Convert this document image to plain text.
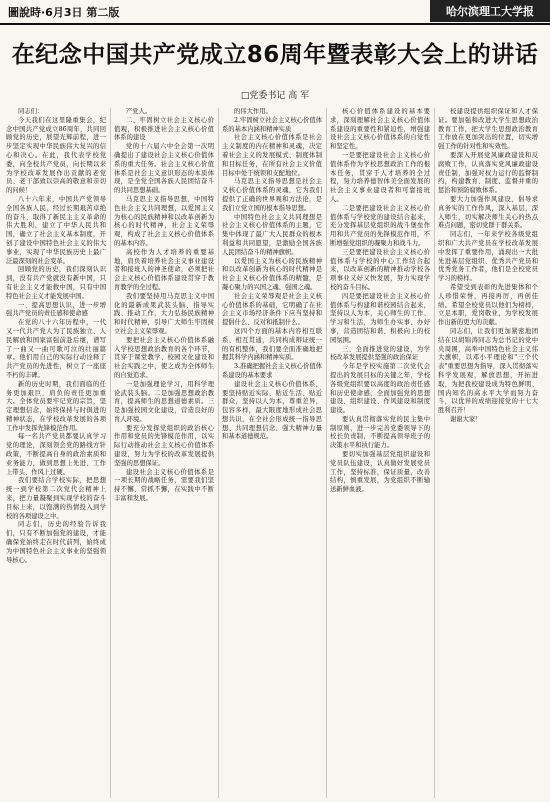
圖說時·6月3日 第二版	哈尔滨理工大学报
在纪念中国共产党成立86周年暨表彰大会上的讲话
□党委书记 高 军

同志们：

今天我们在这里隆重集会，纪念中国共产党成立86周年，共同回顾党的历史，展望光辉前程，进一步坚定实现中华民族伟大复兴的信心和决心。在此，我代表学校党委，向全校共产党员，向长期以来为学校改革发展作出贡献的老党员、老干部致以崇高的敬意和亲切的问候！

八十六年来，中国共产党领导全国各族人民，经过长期艰苦卓绝的奋斗，取得了新民主主义革命的伟大胜利，建立了中华人民共和国，确立了社会主义基本制度，开创了建设中国特色社会主义的伟大事业，实现了中华民族历史上最广泛最深刻的社会变革。

回顾党的历史，我们深刻认识到，没有共产党就没有新中国，只有社会主义才能救中国，只有中国特色社会主义才能发展中国。

一、提高思想认识，进一步增强共产党员的责任感和使命感

在党的八十六年历程中，一代又一代共产党人为了民族独立、人民解放和国家富强前赴后继，谱写了一曲又一曲可歌可泣的壮丽篇章。他们用自己的实际行动诠释了共产党员的先进性，树立了一座座不朽的丰碑。

新的历史时期，我们面临的任务更加艰巨，肩负的责任更加重大。全体党员要牢记党的宗旨，坚定理想信念，始终保持与时俱进的精神状态，在学校改革发展的各项工作中发挥先锋模范作用。

每一名共产党员都要认真学习党的理论，深刻领会党的路线方针政策，不断提高自身的政治素质和业务能力，做到思想上先进、工作上带头、作风上过硬。

我们要结合学校实际，把思想统一到学校第二次党代会精神上来，把力量凝聚到实现学校的奋斗目标上来，以饱满的热情投入到学校的各项建设之中。

同志们，历史的经验告诉我们，只有不断加强党的建设，才能确保党始终走在时代前列，始终成为中国特色社会主义事业的坚强领导核心。

产党人。

二、牢固树立社会主义核心价值观，积极推进社会主义核心价值体系的建设

党的十六届六中全会第一次明确提出了建设社会主义核心价值体系的重大任务。社会主义核心价值体系是社会主义意识形态的本质体现，是全党全国各族人民团结奋斗的共同思想基础。

马克思主义指导思想，中国特色社会主义共同理想，以爱国主义为核心的民族精神和以改革创新为核心的时代精神，社会主义荣辱观，构成了社会主义核心价值体系的基本内容。

高校作为人才培养的重要基地，肩负着培养社会主义事业建设者和接班人的神圣使命，必须把社会主义核心价值体系建设贯穿于教育教学的全过程。

我们要坚持用马克思主义中国化的最新成果武装头脑、指导实践、推动工作，大力弘扬民族精神和时代精神，引导广大师生牢固树立社会主义荣辱观。

要把社会主义核心价值体系融入学校思想政治教育的各个环节，贯穿于课堂教学、校园文化建设和社会实践之中，使之成为全体师生的自觉追求。

一是加强理论学习，用科学理论武装头脑。二是加强思想政治教育，提高师生的思想道德素质。三是加强校园文化建设，营造良好的育人环境。

要充分发挥党组织的政治核心作用和党员的先锋模范作用，以实际行动推动社会主义核心价值体系建设，努力为学校的改革发展提供坚强的思想保证。

建设社会主义核心价值体系是一项长期的战略任务，需要我们坚持不懈、常抓不懈，在实践中不断丰富和发展。

的伟大作用。

2.牢固树立社会主义核心价值体系的基本内涵和精神实质

社会主义核心价值体系是社会主义制度的内在精神和灵魂，决定着社会主义的发展模式、制度体制和目标任务，在所有社会主义价值目标中处于统领和支配地位。

马克思主义指导思想是社会主义核心价值体系的灵魂，它为我们提供了正确的世界观和方法论，是我们立党立国的根本指导思想。

中国特色社会主义共同理想是社会主义核心价值体系的主题，它集中体现了最广大人民群众的根本利益和共同愿望，是激励全国各族人民团结奋斗的精神旗帜。

以爱国主义为核心的民族精神和以改革创新为核心的时代精神是社会主义核心价值体系的精髓，是凝心聚力的兴国之魂、强国之魂。

社会主义荣辱观是社会主义核心价值体系的基础，它明确了在社会主义市场经济条件下应当坚持和提倡什么、反对和抵制什么。

这四个方面的基本内容相互联系、相互贯通，共同构成辩证统一的有机整体，我们要全面准确地把握其科学内涵和精神实质。

3.准确把握社会主义核心价值体系建设的基本要求

建设社会主义核心价值体系，要坚持贴近实际、贴近生活、贴近群众，坚持以人为本，尊重差异，包容多样，最大限度地形成社会思想共识，在全社会形成统一指导思想、共同理想信念、强大精神力量和基本道德规范。

核心价值体系建设的基本要求，深刻理解社会主义核心价值体系建设的重要性和紧迫性，增强建设社会主义核心价值体系的自觉性和坚定性。

一是要把建设社会主义核心价值体系作为学校思想政治工作的根本任务，贯穿于人才培养的全过程，努力培养德智体美全面发展的社会主义事业建设者和可靠接班人。

二是要把建设社会主义核心价值体系与学校党的建设结合起来，充分发挥基层党组织的战斗堡垒作用和共产党员的先锋模范作用，不断增强党组织的凝聚力和战斗力。

三是要把建设社会主义核心价值体系与学校的中心工作结合起来，以改革创新的精神推动学校各项事业又好又快发展，努力实现学校的奋斗目标。

四是要把建设社会主义核心价值体系与构建和谐校园结合起来，坚持以人为本，关心师生的工作、学习和生活，为师生办实事、办好事，营造团结和谐、积极向上的校园氛围。

三、全面推进党的建设，为学校改革发展提供坚强的政治保证

今年是学校实施第二次党代会提出的发展目标的关键之年，学校各级党组织要以高度的政治责任感和历史使命感，全面加强党的思想建设、组织建设、作风建设和制度建设。

要认真贯彻落实党的民主集中制原则，进一步完善党委领导下的校长负责制，不断提高领导班子的决策水平和执行能力。

要切实加强基层党组织建设和党员队伍建设，认真做好发展党员工作，坚持标准，保证质量，改善结构，慎重发展，为党组织不断输送新鲜血液。

校建设提供组织保证和人才保证。要加强和改进大学生思想政治教育工作，把大学生思想政治教育工作放在更加突出的位置，切实增强工作的针对性和实效性。

要深入开展党风廉政建设和反腐败工作，认真落实党风廉政建设责任制，加强对权力运行的监督制约，构建教育、制度、监督并重的惩治和预防腐败体系。

要大力加强作风建设，倡导求真务实的工作作风，深入基层，深入师生，切实解决师生关心的热点难点问题，密切党群干群关系。

同志们，一年来学校各级党组织和广大共产党员在学校改革发展中发挥了重要作用，涌现出一大批先进基层党组织、优秀共产党员和优秀党务工作者，他们是全校党员学习的榜样。

希望受到表彰的先进集体和个人珍惜荣誉，再接再厉，再创佳绩。希望全校党员以他们为榜样，立足本职，爱岗敬业，为学校发展作出新的更大的贡献。

同志们，让我们更加紧密地团结在以胡锦涛同志为总书记的党中央周围，高举中国特色社会主义伟大旗帜，以邓小平理论和"三个代表"重要思想为指导，深入贯彻落实科学发展观，解放思想，开拓进取，为把我校建设成为特色鲜明、国内知名的高水平大学而努力奋斗，以优异的成绩迎接党的十七大胜利召开！

谢谢大家！
